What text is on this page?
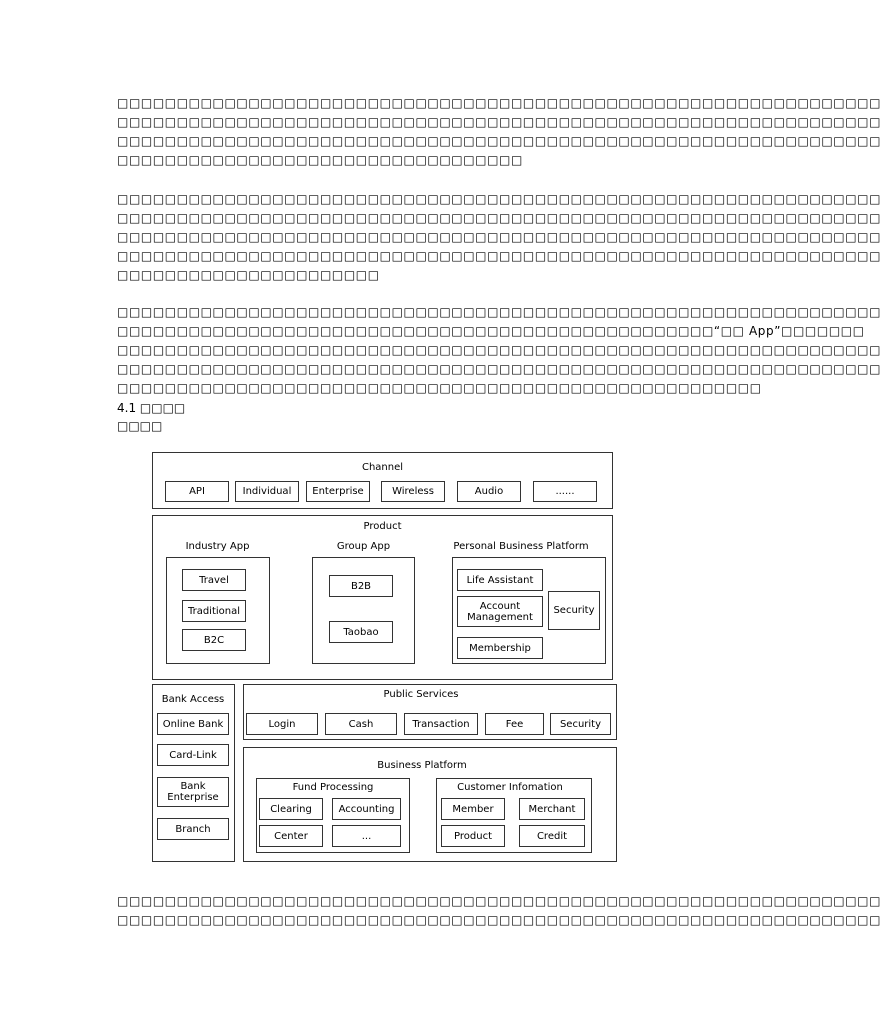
□□□□□□□□□□□□□□□□□□□□□□□□□□□□□□□□□□□□□□□□□□□□□□□□□□□□□□□□□□□□□□□□
□□□□□□□□□□□□□□□□□□□□□□□□□□□□□□□□□□□□□□□□□□□□□□□□□□□□□□□□□□□□□□□□
□□□□□□□□□□□□□□□□□□□□□□□□□□□□□□□□□□□□□□□□□□□□□□□□□□□□□□□□□□□□□□□□
□□□□□□□□□□□□□□□□□□□□□□□□□□□□□□□□□□
□□□□□□□□□□□□□□□□□□□□□□□□□□□□□□□□□□□□□□□□□□□□□□□□□□□□□□□□□□□□□□□□
□□□□□□□□□□□□□□□□□□□□□□□□□□□□□□□□□□□□□□□□□□□□□□□□□□□□□□□□□□□□□□□□
□□□□□□□□□□□□□□□□□□□□□□□□□□□□□□□□□□□□□□□□□□□□□□□□□□□□□□□□□□□□□□□□
□□□□□□□□□□□□□□□□□□□□□□□□□□□□□□□□□□□□□□□□□□□□□□□□□□□□□□□□□□□□□□□□
□□□□□□□□□□□□□□□□□□□□□□
□□□□□□□□□□□□□□□□□□□□□□□□□□□□□□□□□□□□□□□□□□□□□□□□□□□□□□□□□□□□□□□□
□□□□□□□□□□□□□□□□□□□□□□□□□□□□□□□□□□□□□□□□□□□□□□□□□□“□□ App”□□□□□□□
□□□□□□□□□□□□□□□□□□□□□□□□□□□□□□□□□□□□□□□□□□□□□□□□□□□□□□□□□□□□□□□□
□□□□□□□□□□□□□□□□□□□□□□□□□□□□□□□□□□□□□□□□□□□□□□□□□□□□□□□□□□□□□□□□
□□□□□□□□□□□□□□□□□□□□□□□□□□□□□□□□□□□□□□□□□□□□□□□□□□□□□□
4.1 □□□□
□□□□
Channel
API	Individual	Enterprise	Wireless	Audio	......
Product
Industry App
Travel
Traditional
B2C
Group App
B2B
Taobao
Personal Business Platform
Life Assistant
Account Management
Security
Membership
Bank Access
Online Bank
Card-Link
Bank Enterprise
Branch
Public Services
Login	Cash	Transaction	Fee	Security
Business Platform
Fund Processing
Clearing	Accounting
Center	...
Customer Infomation
Member	Merchant
Product	Credit
□□□□□□□□□□□□□□□□□□□□□□□□□□□□□□□□□□□□□□□□□□□□□□□□□□□□□□□□□□□□□□□□
□□□□□□□□□□□□□□□□□□□□□□□□□□□□□□□□□□□□□□□□□□□□□□□□□□□□□□□□□□□□□□□□
